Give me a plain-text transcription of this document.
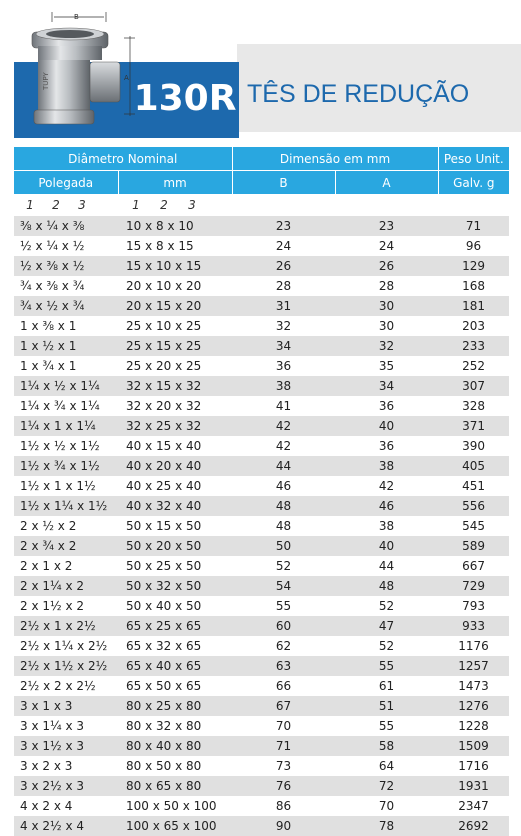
TUPY
B
A 130R TÊS DE REDUÇÃO
Diâmetro Nominal		Dimensão em mm		Peso Unit.
Polegada	mm	B	A	Galv. g
1 2 3	1 2 3			
⅜ x ¼ x ⅜	10 x 8 x 10	23	23	71
½ x ¼ x ½	15 x 8 x 15	24	24	96
½ x ⅜ x ½	15 x 10 x 15	26	26	129
¾ x ⅜ x ¾	20 x 10 x 20	28	28	168
¾ x ½ x ¾	20 x 15 x 20	31	30	181
1 x ⅜ x 1	25 x 10 x 25	32	30	203
1 x ½ x 1	25 x 15 x 25	34	32	233
1 x ¾ x 1	25 x 20 x 25	36	35	252
1¼ x ½ x 1¼	32 x 15 x 32	38	34	307
1¼ x ¾ x 1¼	32 x 20 x 32	41	36	328
1¼ x 1 x 1¼	32 x 25 x 32	42	40	371
1½ x ½ x 1½	40 x 15 x 40	42	36	390
1½ x ¾ x 1½	40 x 20 x 40	44	38	405
1½ x 1 x 1½	40 x 25 x 40	46	42	451
1½ x 1¼ x 1½	40 x 32 x 40	48	46	556
2 x ½ x 2	50 x 15 x 50	48	38	545
2 x ¾ x 2	50 x 20 x 50	50	40	589
2 x 1 x 2	50 x 25 x 50	52	44	667
2 x 1¼ x 2	50 x 32 x 50	54	48	729
2 x 1½ x 2	50 x 40 x 50	55	52	793
2½ x 1 x 2½	65 x 25 x 65	60	47	933
2½ x 1¼ x 2½	65 x 32 x 65	62	52	1176
2½ x 1½ x 2½	65 x 40 x 65	63	55	1257
2½ x 2 x 2½	65 x 50 x 65	66	61	1473
3 x 1 x 3	80 x 25 x 80	67	51	1276
3 x 1¼ x 3	80 x 32 x 80	70	55	1228
3 x 1½ x 3	80 x 40 x 80	71	58	1509
3 x 2 x 3	80 x 50 x 80	73	64	1716
3 x 2½ x 3	80 x 65 x 80	76	72	1931
4 x 2 x 4	100 x 50 x 100	86	70	2347
4 x 2½ x 4	100 x 65 x 100	90	78	2692
